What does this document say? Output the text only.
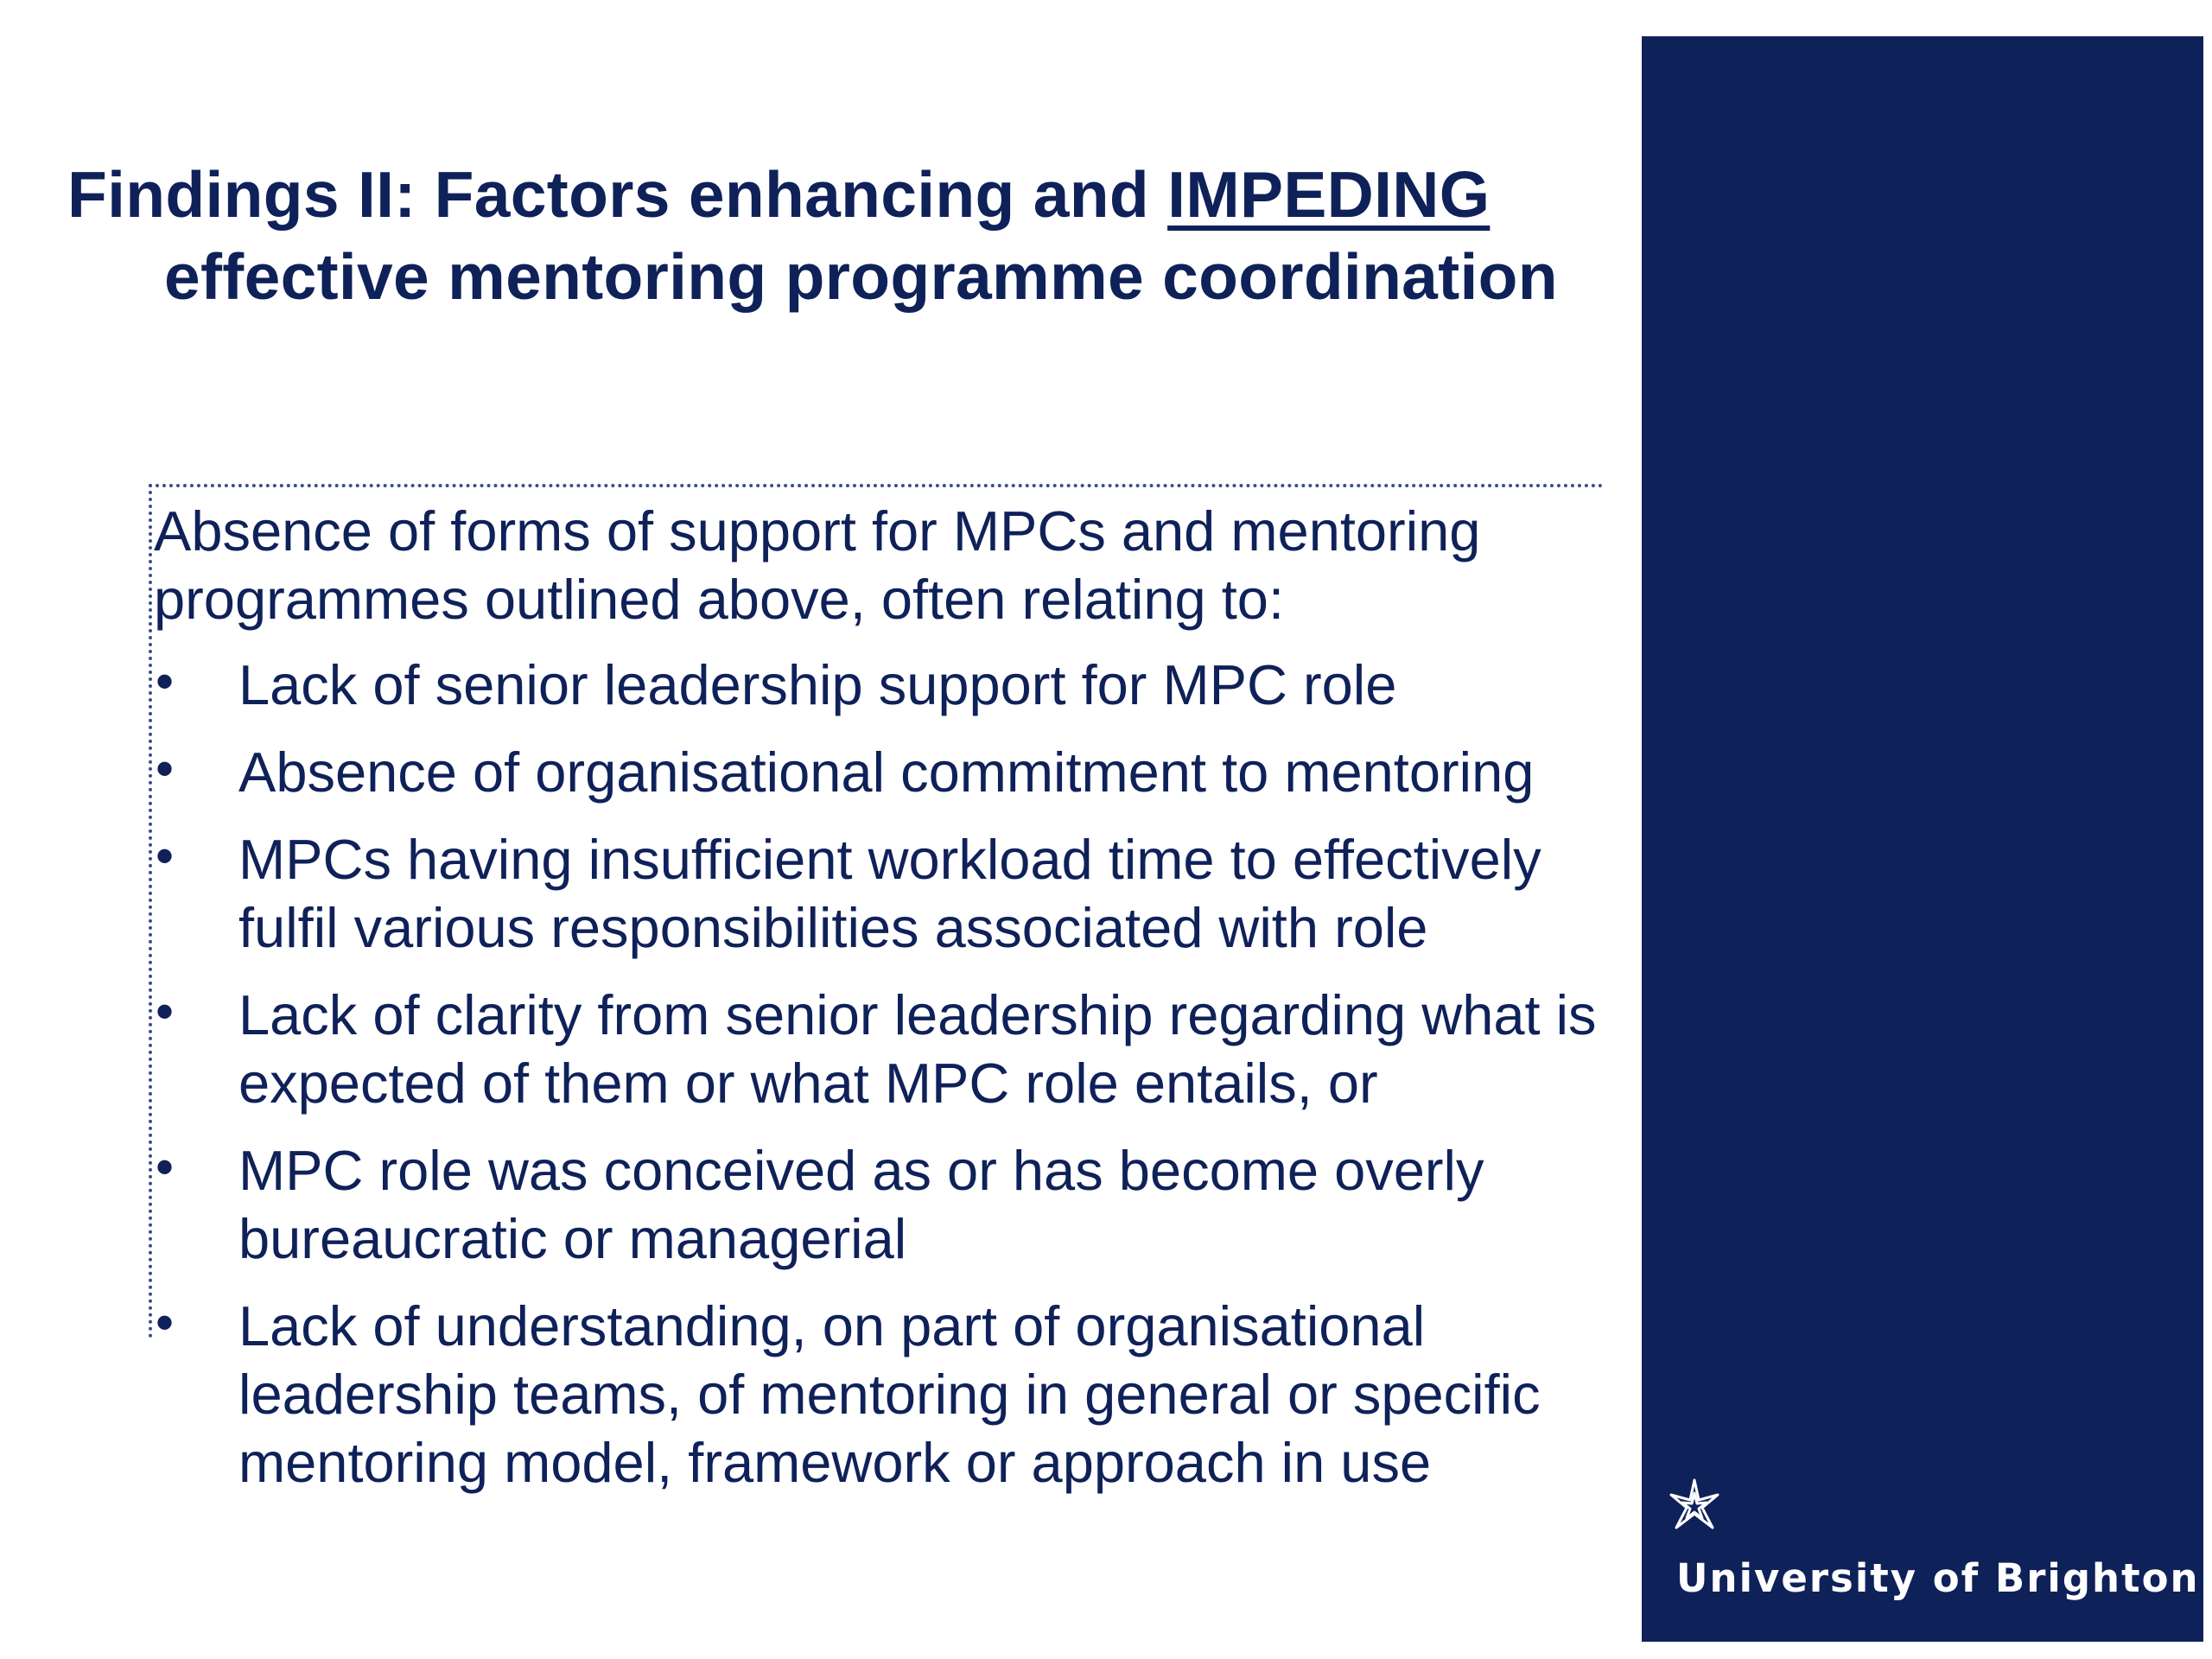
Findings II: Factors enhancing and IMPEDING
effective mentoring programme coordination

Absence of forms of support for MPCs and mentoring programmes outlined above, often relating to:

• Lack of senior leadership support for MPC role
• Absence of organisational commitment to mentoring
• MPCs having insufficient workload time to effectively fulfil various responsibilities associated with role
• Lack of clarity from senior leadership regarding what is expected of them or what MPC role entails, or
• MPC role was conceived as or has become overly bureaucratic or managerial
• Lack of understanding, on part of organisational leadership teams, of mentoring in general or specific mentoring model, framework or approach in use
University of Brighton
